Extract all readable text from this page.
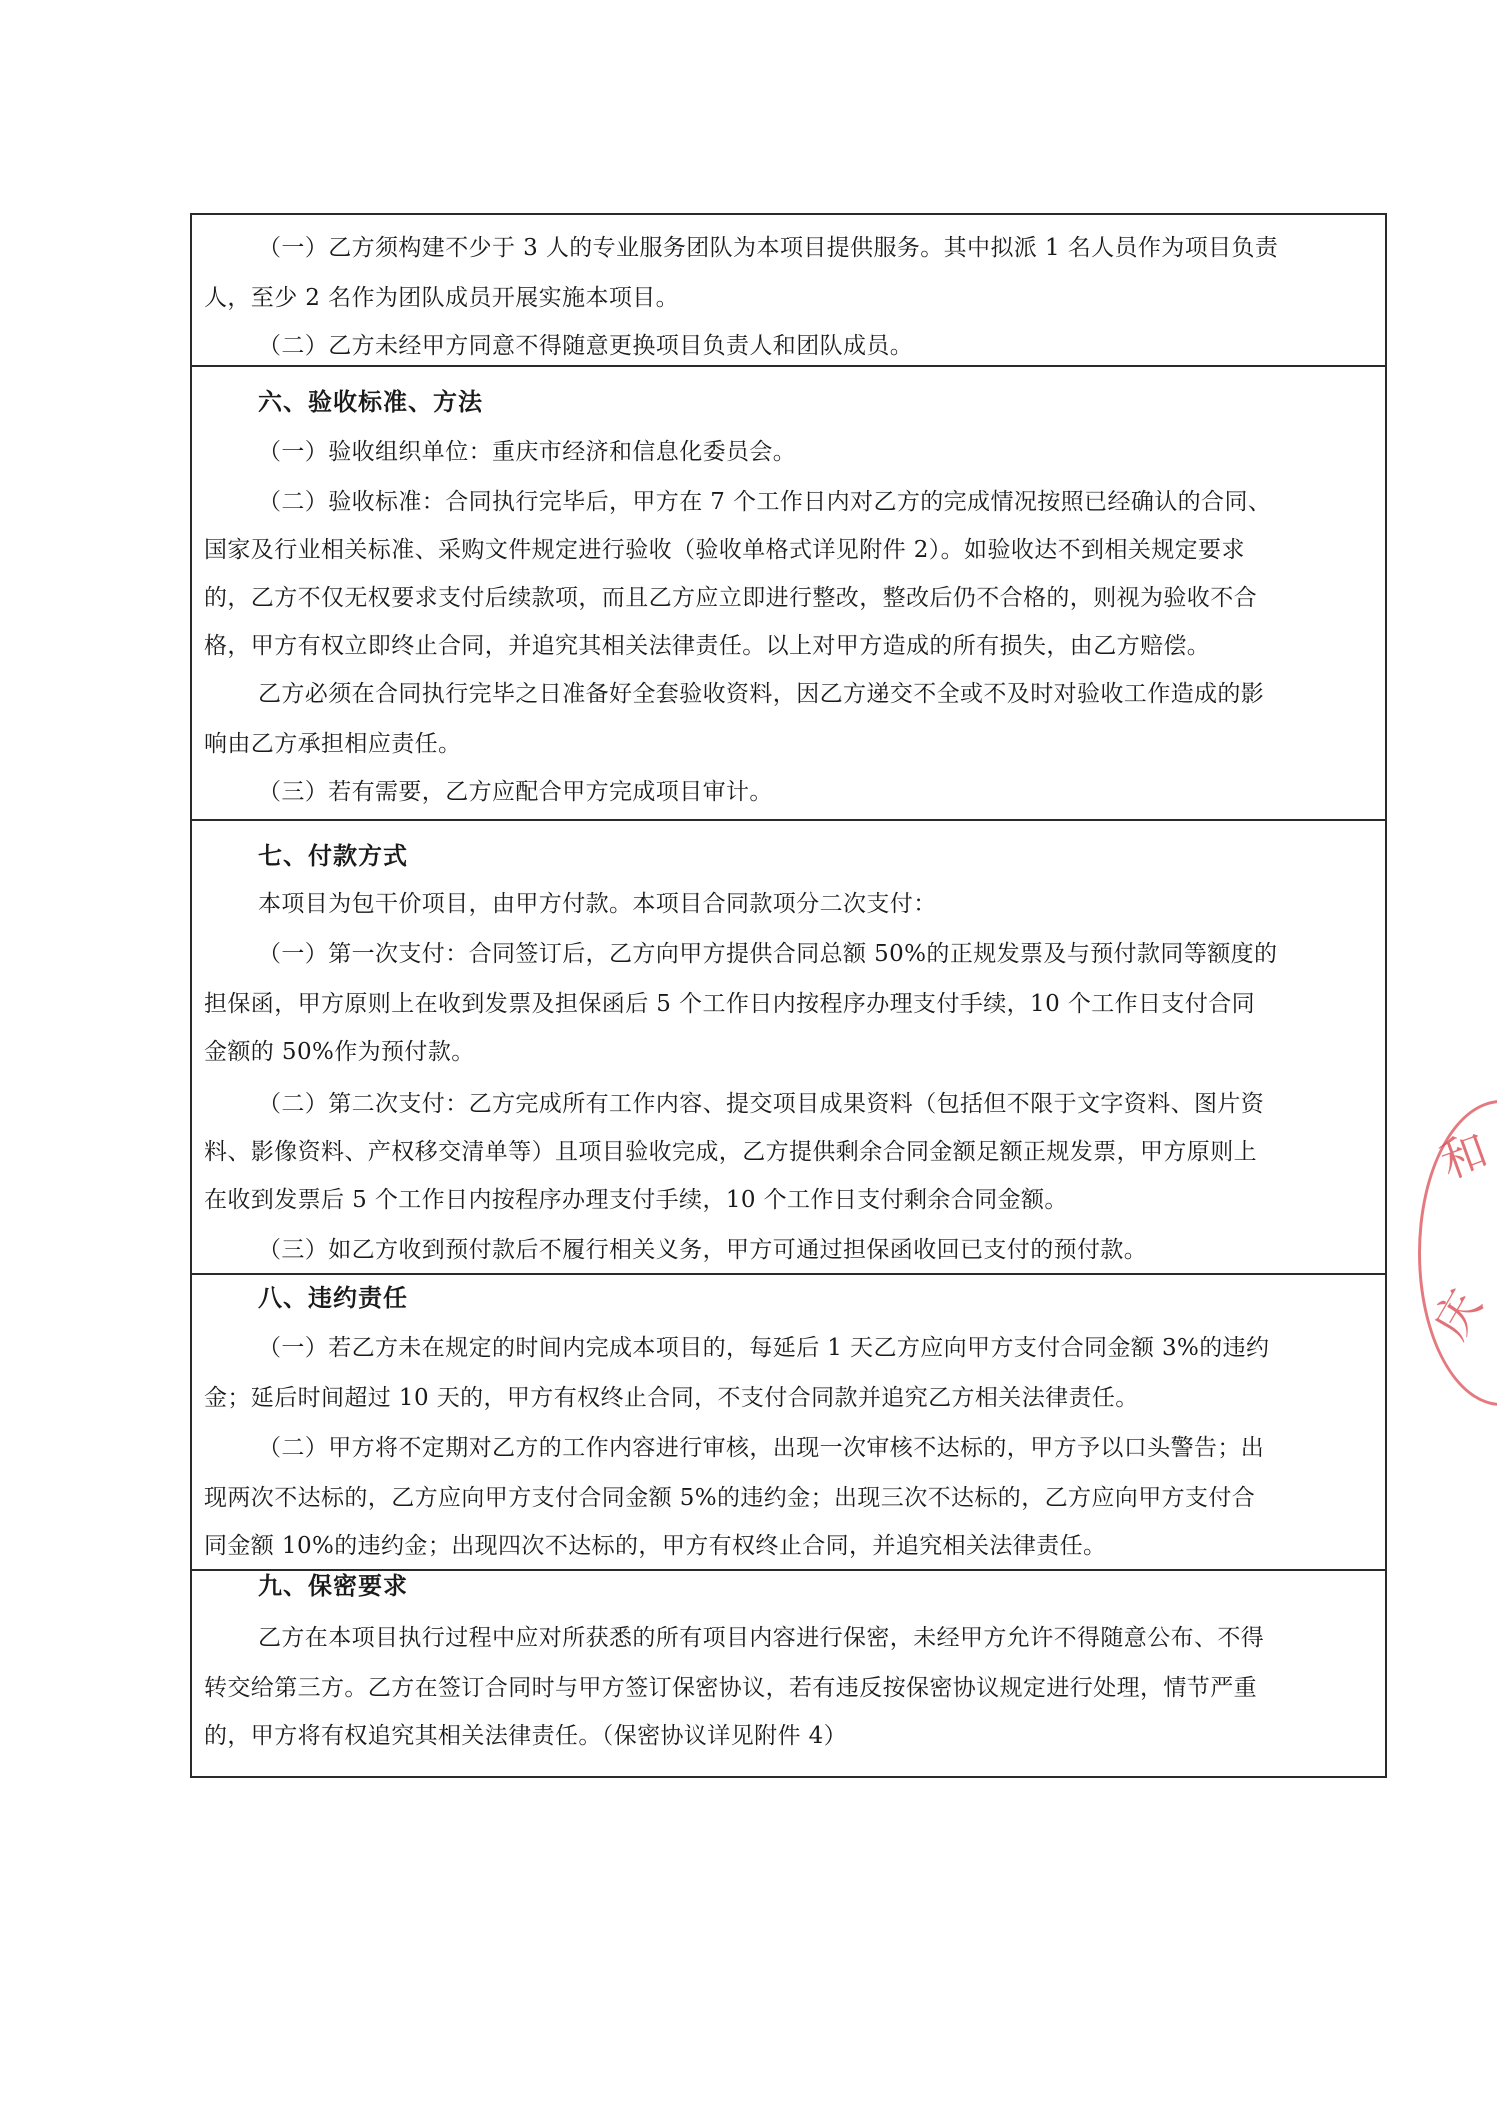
（一）乙方须构建不少于 3 人的专业服务团队为本项目提供服务。其中拟派 1 名人员作为项目负责
人，至少 2 名作为团队成员开展实施本项目。
（二）乙方未经甲方同意不得随意更换项目负责人和团队成员。
六、验收标准、方法
（一）验收组织单位：重庆市经济和信息化委员会。
（二）验收标准：合同执行完毕后，甲方在 7 个工作日内对乙方的完成情况按照已经确认的合同、
国家及行业相关标准、采购文件规定进行验收（验收单格式详见附件 2）。如验收达不到相关规定要求
的，乙方不仅无权要求支付后续款项，而且乙方应立即进行整改，整改后仍不合格的，则视为验收不合
格，甲方有权立即终止合同，并追究其相关法律责任。以上对甲方造成的所有损失，由乙方赔偿。
乙方必须在合同执行完毕之日准备好全套验收资料，因乙方递交不全或不及时对验收工作造成的影
响由乙方承担相应责任。
（三）若有需要，乙方应配合甲方完成项目审计。
七、付款方式
本项目为包干价项目，由甲方付款。本项目合同款项分二次支付：
（一）第一次支付：合同签订后，乙方向甲方提供合同总额 50%的正规发票及与预付款同等额度的
担保函，甲方原则上在收到发票及担保函后 5 个工作日内按程序办理支付手续，10 个工作日支付合同
金额的 50%作为预付款。
（二）第二次支付：乙方完成所有工作内容、提交项目成果资料（包括但不限于文字资料、图片资
料、影像资料、产权移交清单等）且项目验收完成，乙方提供剩余合同金额足额正规发票，甲方原则上
在收到发票后 5 个工作日内按程序办理支付手续，10 个工作日支付剩余合同金额。
（三）如乙方收到预付款后不履行相关义务，甲方可通过担保函收回已支付的预付款。
八、违约责任
（一）若乙方未在规定的时间内完成本项目的，每延后 1 天乙方应向甲方支付合同金额 3%的违约
金；延后时间超过 10 天的，甲方有权终止合同，不支付合同款并追究乙方相关法律责任。
（二）甲方将不定期对乙方的工作内容进行审核，出现一次审核不达标的，甲方予以口头警告；出
现两次不达标的，乙方应向甲方支付合同金额 5%的违约金；出现三次不达标的，乙方应向甲方支付合
同金额 10%的违约金；出现四次不达标的，甲方有权终止合同，并追究相关法律责任。
九、保密要求
乙方在本项目执行过程中应对所获悉的所有项目内容进行保密，未经甲方允许不得随意公布、不得
转交给第三方。乙方在签订合同时与甲方签订保密协议，若有违反按保密协议规定进行处理，情节严重
的，甲方将有权追究其相关法律责任。（保密协议详见附件 4）
和
庆
